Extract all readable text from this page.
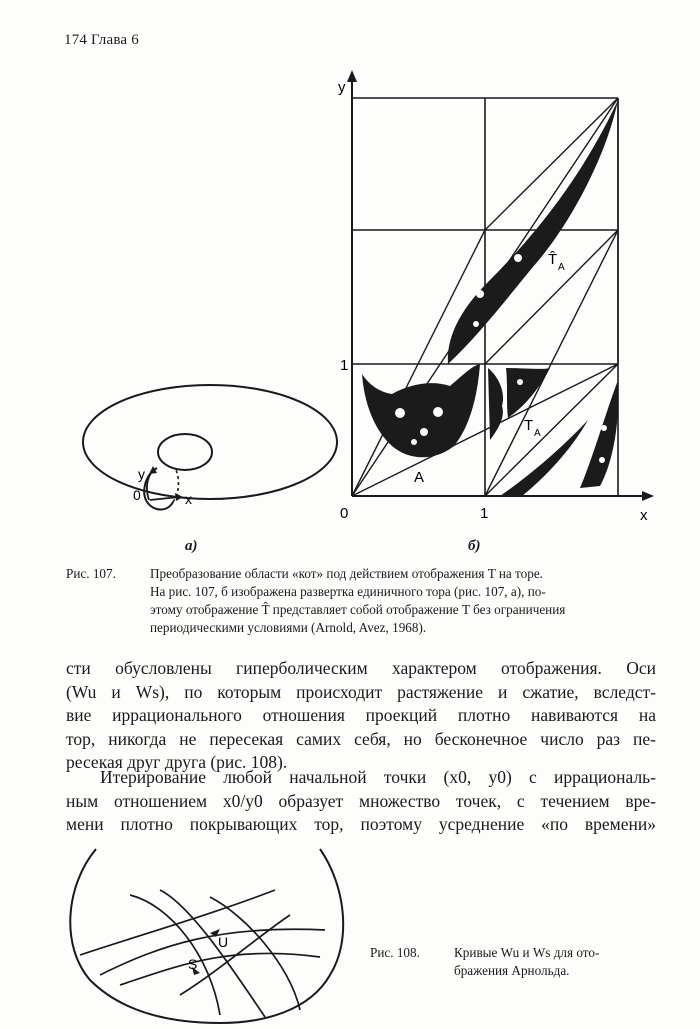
174 Глава 6
y
x
0
y
x
0	1
1
A
T A
T̂ A
а)	б)
Рис. 107.	Преобразование области «кот» под действием отображения T на торе.
На рис. 107, б изображена развертка единичного тора (рис. 107, а), по-
этому отображение T̂ представляет собой отображение T без ограничения
периодическими условиями (Arnold, Avez, 1968).
сти обусловлены гиперболическим характером отображения. Оси
(Wu и Ws), по которым происходит растяжение и сжатие, вследст-
вие иррационального отношения проекций плотно навиваются на
тор, никогда не пересекая самих себя, но бесконечное число раз пе-
ресекая друг друга (рис. 108).
Итерирование любой начальной точки (x0, y0) с иррациональ-
ным отношением x0/y0 образует множество точек, с течением вре-
мени плотно покрывающих тор, поэтому усреднение «по времени»
U
S
Рис. 108.	Кривые Wu и Ws для ото-
бражения Арнольда.
